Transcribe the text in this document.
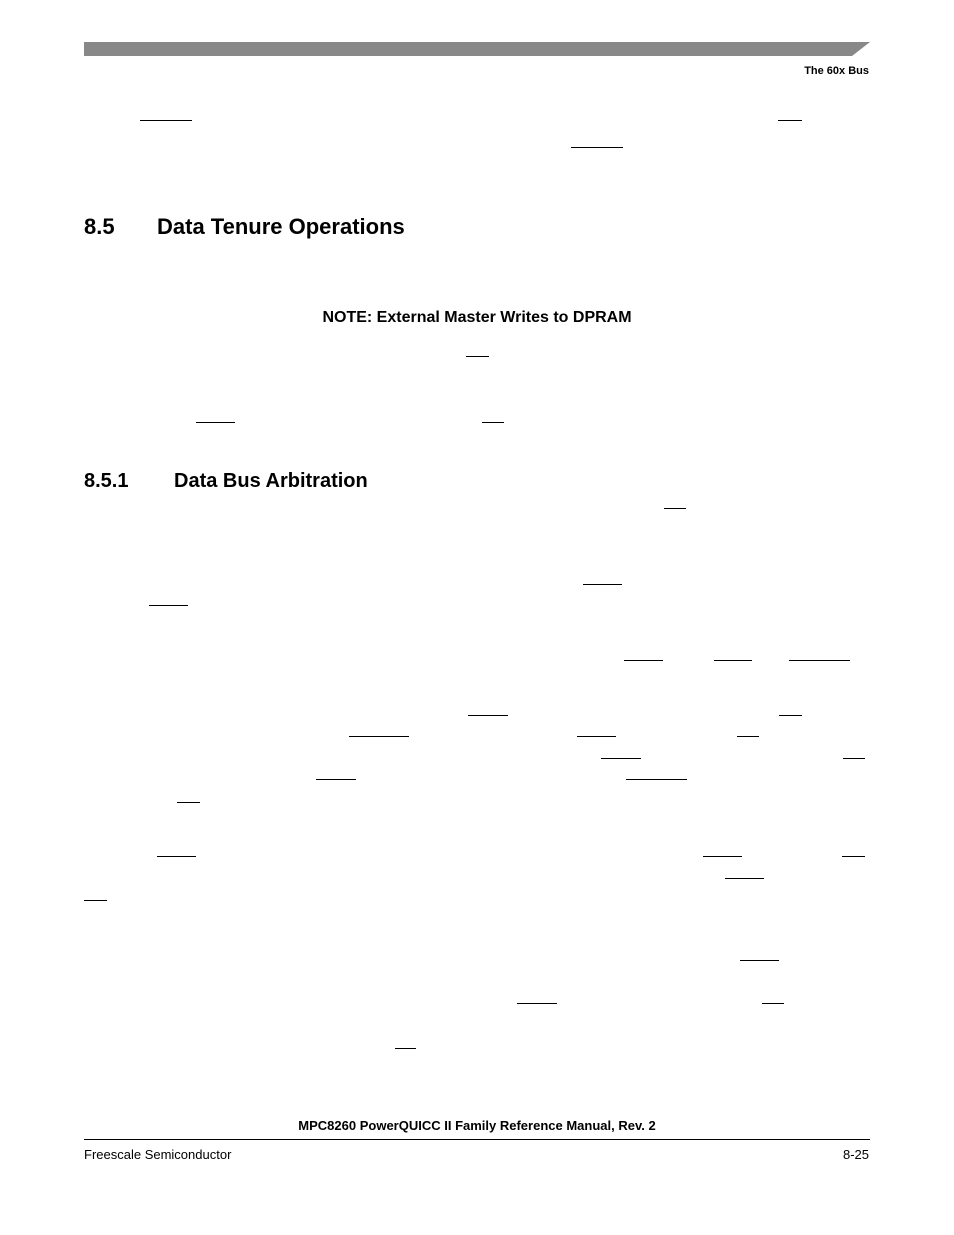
The 60x Bus
8.5 Data Tenure Operations
NOTE: External Master Writes to DPRAM
8.5.1 Data Bus Arbitration
MPC8260 PowerQUICC II Family Reference Manual, Rev. 2
Freescale Semiconductor	8-25
